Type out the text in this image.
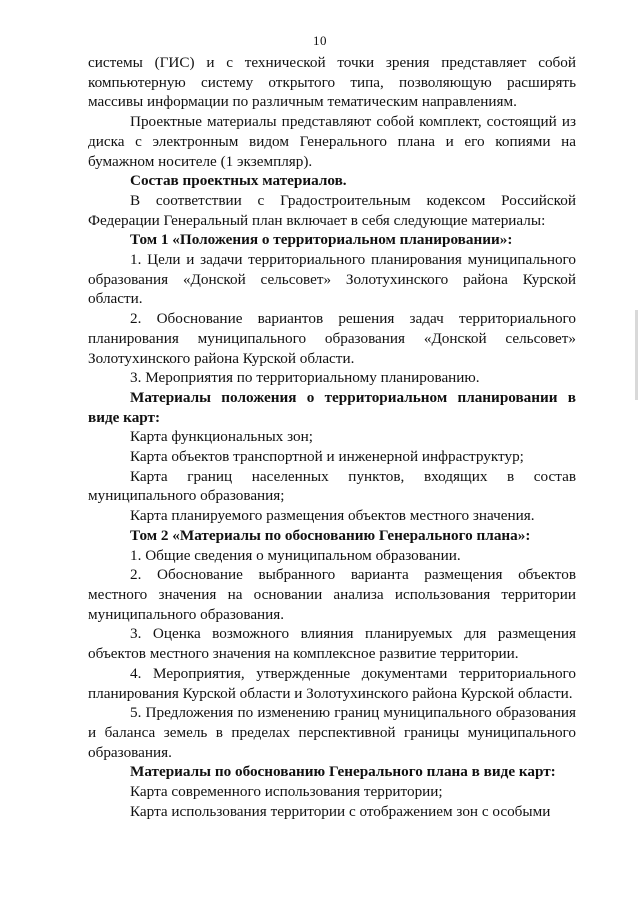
10

системы (ГИС) и с технической точки зрения представляет собой компьютерную систему открытого типа, позволяющую расширять массивы информации по различным тематическим направлениям.

Проектные материалы представляют собой комплект, состоящий из диска с электронным видом Генерального плана и его копиями на бумажном носителе (1 экземпляр).

Состав проектных материалов.

В соответствии с Градостроительным кодексом Российской Федерации Генеральный план включает в себя следующие материалы:

Том 1 «Положения о территориальном планировании»:

1. Цели и задачи территориального планирования муниципального образования «Донской сельсовет» Золотухинского района Курской области.

2. Обоснование вариантов решения задач территориального планирования муниципального образования «Донской сельсовет» Золотухинского района Курской области.

3. Мероприятия по территориальному планированию.

Материалы положения о территориальном планировании в виде карт:

Карта функциональных зон;

Карта объектов транспортной и инженерной инфраструктур;

Карта границ населенных пунктов, входящих в состав муниципального образования;

Карта планируемого размещения объектов местного значения.

Том 2 «Материалы по обоснованию Генерального плана»:

1. Общие сведения о муниципальном образовании.

2. Обоснование выбранного варианта размещения объектов местного значения на основании анализа использования территории муниципального образования.

3. Оценка возможного влияния планируемых для размещения объектов местного значения на комплексное развитие территории.

4. Мероприятия, утвержденные документами территориального планирования Курской области и Золотухинского района Курской области.

5. Предложения по изменению границ муниципального образования и баланса земель в пределах перспективной границы муниципального образования.

Материалы по обоснованию Генерального плана в виде карт:

Карта современного использования территории;

Карта использования территории с отображением зон с особыми
